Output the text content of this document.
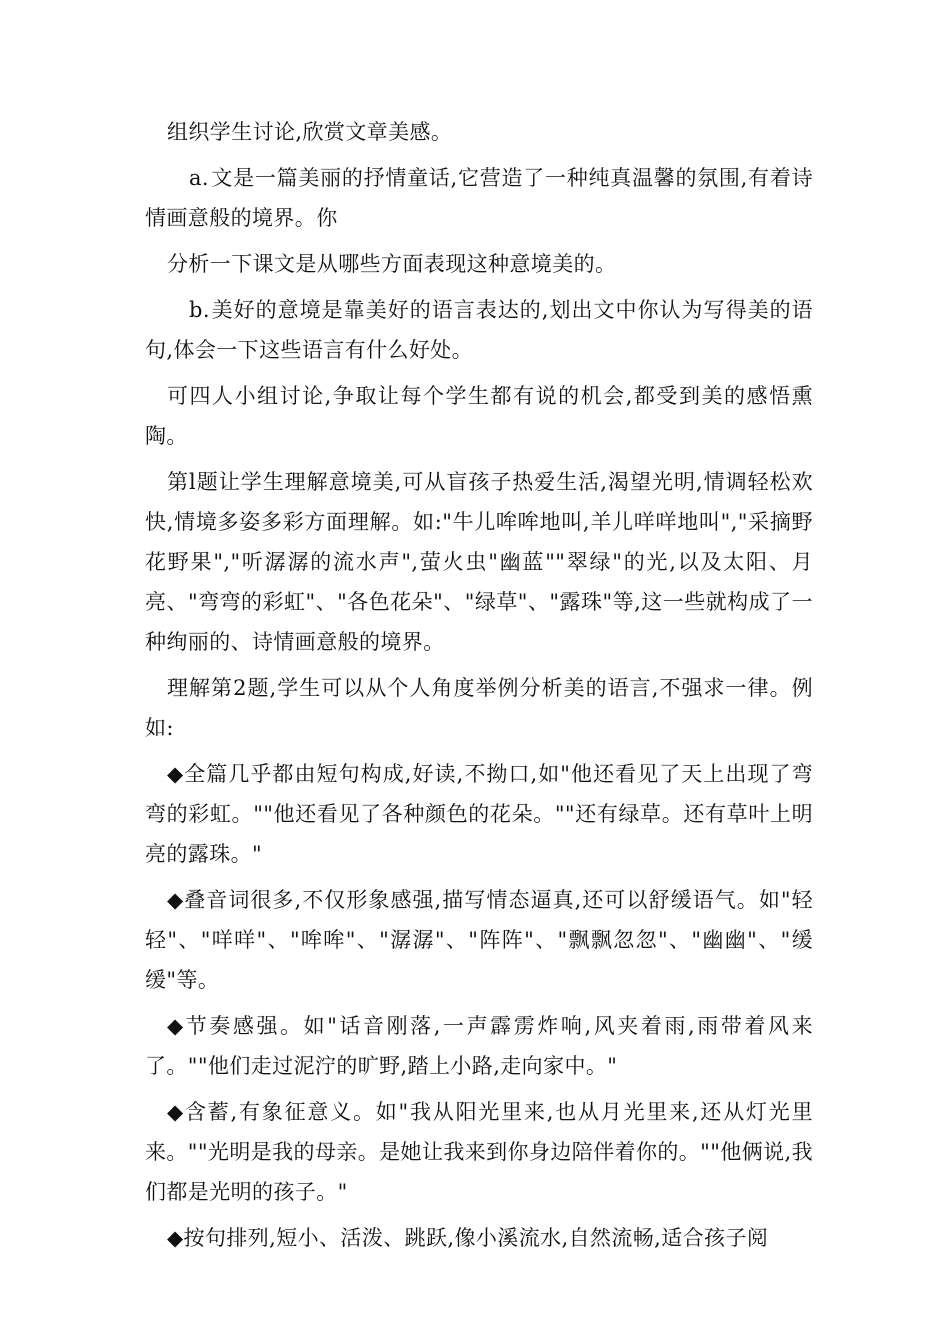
组织学生讨论,欣赏文章美感。

a.文是一篇美丽的抒情童话,它营造了一种纯真温馨的氛围,有着诗情画意般的境界。你

分析一下课文是从哪些方面表现这种意境美的。

b.美好的意境是靠美好的语言表达的,划出文中你认为写得美的语句,体会一下这些语言有什么好处。

可四人小组讨论,争取让每个学生都有说的机会,都受到美的感悟熏陶。

第l题让学生理解意境美,可从盲孩子热爱生活,渴望光明,情调轻松欢快,情境多姿多彩方面理解。如:"牛儿哞哞地叫,羊儿咩咩地叫","采摘野花野果","听潺潺的流水声",萤火虫"幽蓝""翠绿"的光,以及太阳、月亮、"弯弯的彩虹"、"各色花朵"、"绿草"、"露珠"等,这一些就构成了一种绚丽的、诗情画意般的境界。

理解第2题,学生可以从个人角度举例分析美的语言,不强求一律。例如:

◆全篇几乎都由短句构成,好读,不拗口,如"他还看见了天上出现了弯弯的彩虹。""他还看见了各种颜色的花朵。""还有绿草。还有草叶上明亮的露珠。"

◆叠音词很多,不仅形象感强,描写情态逼真,还可以舒缓语气。如"轻轻"、"咩咩"、"哞哞"、"潺潺"、"阵阵"、"飘飘忽忽"、"幽幽"、"缓缓"等。

◆节奏感强。如"话音刚落,一声霹雳炸响,风夹着雨,雨带着风来了。""他们走过泥泞的旷野,踏上小路,走向家中。"

◆含蓄,有象征意义。如"我从阳光里来,也从月光里来,还从灯光里来。""光明是我的母亲。是她让我来到你身边陪伴着你的。""他俩说,我们都是光明的孩子。"

◆按句排列,短小、活泼、跳跃,像小溪流水,自然流畅,适合孩子阅
